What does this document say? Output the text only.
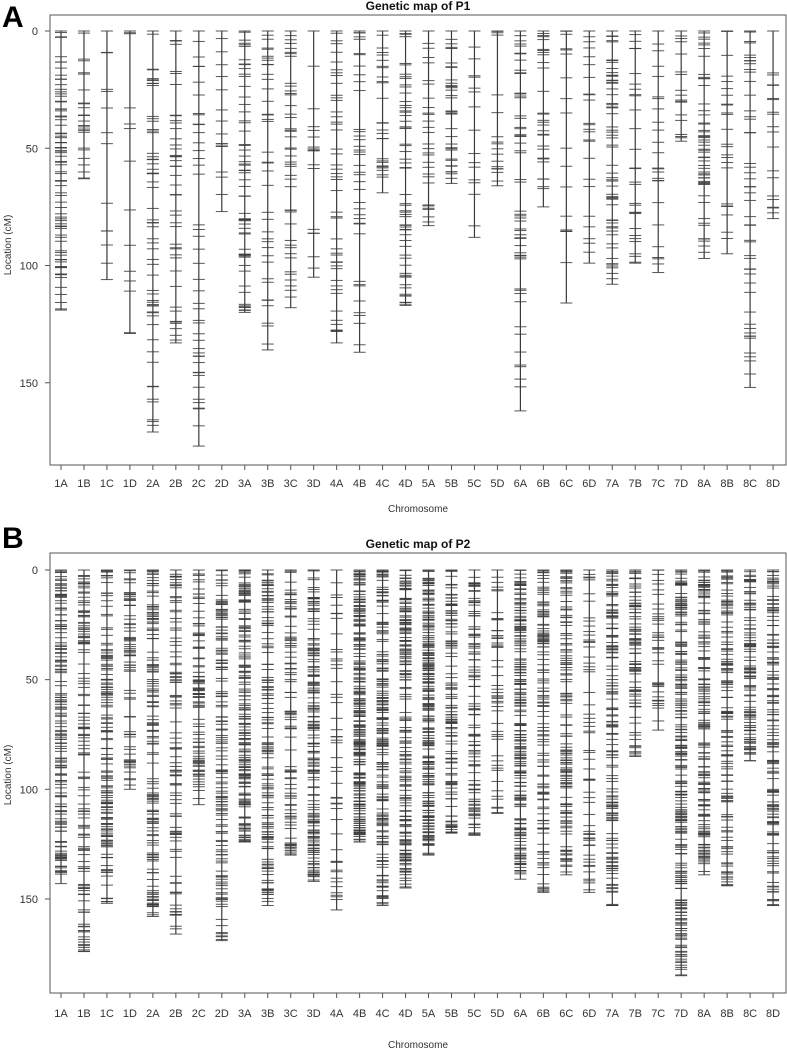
A	Genetic map of P1
0
50
100
150
Location (cM)
Chromosome
1A 1B 1C 1D 2A 2B 2C 2D 3A 3B 3C 3D 4A 4B 4C 4D 5A 5B 5C 5D 6A 6B 6C 6D 7A 7B 7C 7D 8A 8B 8C 8D
B	Genetic map of P2
0
50
100
150
Location (cM)
Chromosome
1A 1B 1C 1D 2A 2B 2C 2D 3A 3B 3C 3D 4A 4B 4C 4D 5A 5B 5C 5D 6A 6B 6C 6D 7A 7B 7C 7D 8A 8B 8C 8D
